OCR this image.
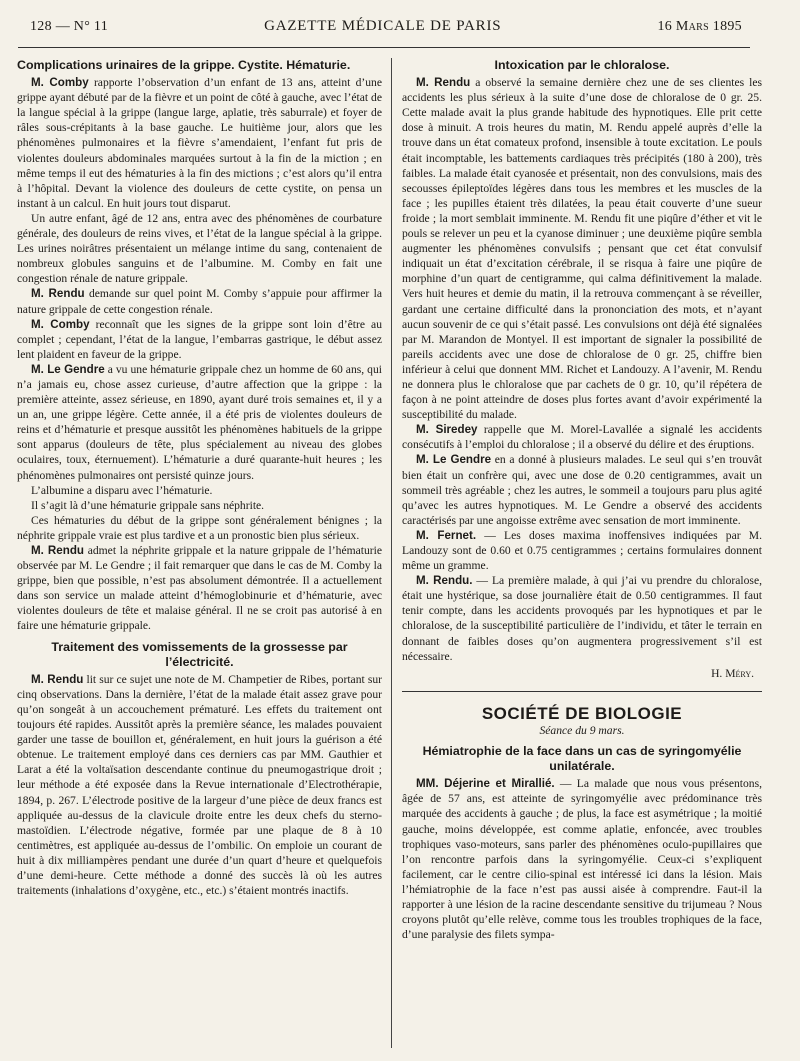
128 — N° 11	GAZETTE MÉDICALE DE PARIS	16 Mars 1895
Complications urinaires de la grippe. Cystite. Hématurie.

M. Comby rapporte l’observation d’un enfant de 13 ans, atteint d’une grippe ayant débuté par de la fièvre et un point de côté à gauche, avec l’état de la langue spécial à la grippe (langue large, aplatie, très saburrale) et foyer de râles sous-crépitants à la base gauche. Le huitième jour, alors que les phénomènes pulmonaires et la fièvre s’amendaient, l’enfant fut pris de violentes douleurs abdominales marquées surtout à la fin de la miction ; en même temps il eut des hématuries à la fin des mictions ; c’est alors qu’il entra à l’hôpital. Devant la violence des douleurs de cette cystite, on pensa un instant à un calcul. En huit jours tout disparut.

Un autre enfant, âgé de 12 ans, entra avec des phénomènes de courbature générale, des douleurs de reins vives, et l’état de la langue spécial à la grippe. Les urines noirâtres présentaient un mélange intime du sang, contenaient de nombreux globules sanguins et de l’albumine. M. Comby en fait une congestion rénale de nature grippale.

M. Rendu demande sur quel point M. Comby s’appuie pour affirmer la nature grippale de cette congestion rénale.

M. Comby reconnaît que les signes de la grippe sont loin d’être au complet ; cependant, l’état de la langue, l’embarras gastrique, le début assez lent plaident en faveur de la grippe.

M. Le Gendre a vu une hématurie grippale chez un homme de 60 ans, qui n’a jamais eu, chose assez curieuse, d’autre affection que la grippe : la première atteinte, assez sérieuse, en 1890, ayant duré trois semaines et, il y a un an, une grippe légère. Cette année, il a été pris de violentes douleurs de reins et d’hématurie et presque aussitôt les phénomènes habituels de la grippe sont apparus (douleurs de tête, plus spécialement au niveau des globes oculaires, toux, éternuement). L’hématurie a duré quarante-huit heures ; les phénomènes pulmonaires ont persisté quinze jours.

L’albumine a disparu avec l’hématurie.

Il s’agit là d’une hématurie grippale sans néphrite.

Ces hématuries du début de la grippe sont généralement bénignes ; la néphrite grippale vraie est plus tardive et a un pronostic bien plus sérieux.

M. Rendu admet la néphrite grippale et la nature grippale de l’hématurie observée par M. Le Gendre ; il fait remarquer que dans le cas de M. Comby la grippe, bien que possible, n’est pas absolument démontrée. Il a actuellement dans son service un malade atteint d’hémoglobinurie et d’hématurie, avec violentes douleurs de tête et malaise général. Il ne se croit pas autorisé à en faire une hématurie grippale.

Traitement des vomissements de la grossesse par l’électricité.

M. Rendu lit sur ce sujet une note de M. Champetier de Ribes, portant sur cinq observations. Dans la dernière, l’état de la malade était assez grave pour qu’on songeât à un accouchement prématuré. Les effets du traitement ont toujours été rapides. Aussitôt après la première séance, les malades pouvaient garder une tasse de bouillon et, généralement, en huit jours la guérison a été obtenue. Le traitement employé dans ces derniers cas par MM. Gauthier et Larat a été la voltaïsation descendante continue du pneumogastrique droit ; leur méthode a été exposée dans la Revue internationale d’Electrothérapie, 1894, p. 267. L’électrode positive de la largeur d’une pièce de deux francs est appliquée au-dessus de la clavicule droite entre les deux chefs du sterno-mastoïdien. L’électrode négative, formée par une plaque de 8 à 10 centimètres, est appliquée au-dessus de l’ombilic. On emploie un courant de huit à dix milliampères pendant une durée d’un quart d’heure et quelquefois d’une demi-heure. Cette méthode a donné des succès là où les autres traitements (inhalations d’oxygène, etc., etc.) s’étaient montrés inactifs.

Intoxication par le chloralose.

M. Rendu a observé la semaine dernière chez une de ses clientes les accidents les plus sérieux à la suite d’une dose de chloralose de 0 gr. 25. Cette malade avait la plus grande habitude des hypnotiques. Elle prit cette dose à minuit. A trois heures du matin, M. Rendu appelé auprès d’elle la trouve dans un état comateux profond, insensible à toute excitation. Le pouls était incomptable, les battements cardiaques très précipités (180 à 200), très faibles. La malade était cyanosée et présentait, non des convulsions, mais des secousses épileptoïdes légères dans tous les membres et les muscles de la face ; les pupilles étaient très dilatées, la peau était couverte d’une sueur froide ; la mort semblait imminente. M. Rendu fit une piqûre d’éther et vit le pouls se relever un peu et la cyanose diminuer ; une deuxième piqûre sembla augmenter les phénomènes convulsifs ; pensant que cet état convulsif indiquait un état d’excitation cérébrale, il se risqua à faire une piqûre de morphine d’un quart de centigramme, qui calma définitivement la malade. Vers huit heures et demie du matin, il la retrouva commençant à se réveiller, gardant une certaine difficulté dans la prononciation des mots, et n’ayant aucun souvenir de ce qui s’était passé. Les convulsions ont déjà été signalées par M. Marandon de Montyel. Il est important de signaler la possibilité de pareils accidents avec une dose de chloralose de 0 gr. 25, chiffre bien inférieur à celui que donnent MM. Richet et Landouzy. A l’avenir, M. Rendu ne donnera plus le chloralose que par cachets de 0 gr. 10, qu’il répétera de façon à ne point atteindre de doses plus fortes avant d’avoir expérimenté la susceptibilité du malade.

M. Siredey rappelle que M. Morel-Lavallée a signalé les accidents consécutifs à l’emploi du chloralose ; il a observé du délire et des éruptions.

M. Le Gendre en a donné à plusieurs malades. Le seul qui s’en trouvât bien était un confrère qui, avec une dose de 0.20 centigrammes, avait un sommeil très agréable ; chez les autres, le sommeil a toujours paru plus agité qu’avec les autres hypnotiques. M. Le Gendre a observé des accidents caractérisés par une angoisse extrême avec sensation de mort imminente.

M. Fernet. — Les doses maxima inoffensives indiquées par M. Landouzy sont de 0.60 et 0.75 centigrammes ; certains formulaires donnent même un gramme.

M. Rendu. — La première malade, à qui j’ai vu prendre du chloralose, était une hystérique, sa dose journalière était de 0.50 centigrammes. Il faut tenir compte, dans les accidents provoqués par les hypnotiques et par le chloralose, de la susceptibilité particulière de l’individu, et tâter le terrain en donnant de faibles doses qu’on augmentera progressivement s’il est nécessaire.

H. Méry.
SOCIÉTÉ DE BIOLOGIE
Séance du 9 mars.
Hémiatrophie de la face dans un cas de syringomyélie unilatérale.

MM. Déjerine et Mirallié. — La malade que nous vous présentons, âgée de 57 ans, est atteinte de syringomyélie avec prédominance très marquée des accidents à gauche ; de plus, la face est asymétrique ; la moitié gauche, moins développée, est comme aplatie, enfoncée, avec troubles trophiques vaso-moteurs, sans parler des phénomènes oculo-pupillaires que l’on rencontre parfois dans la syringomyélie. Ceux-ci s’expliquent facilement, car le centre cilio-spinal est intéressé ici dans la lésion. Mais l’hémiatrophie de la face n’est pas aussi aisée à comprendre. Faut-il la rapporter à une lésion de la racine descendante sensitive du trijumeau ? Nous croyons plutôt qu’elle relève, comme tous les troubles trophiques de la face, d’une paralysie des filets sympa-
